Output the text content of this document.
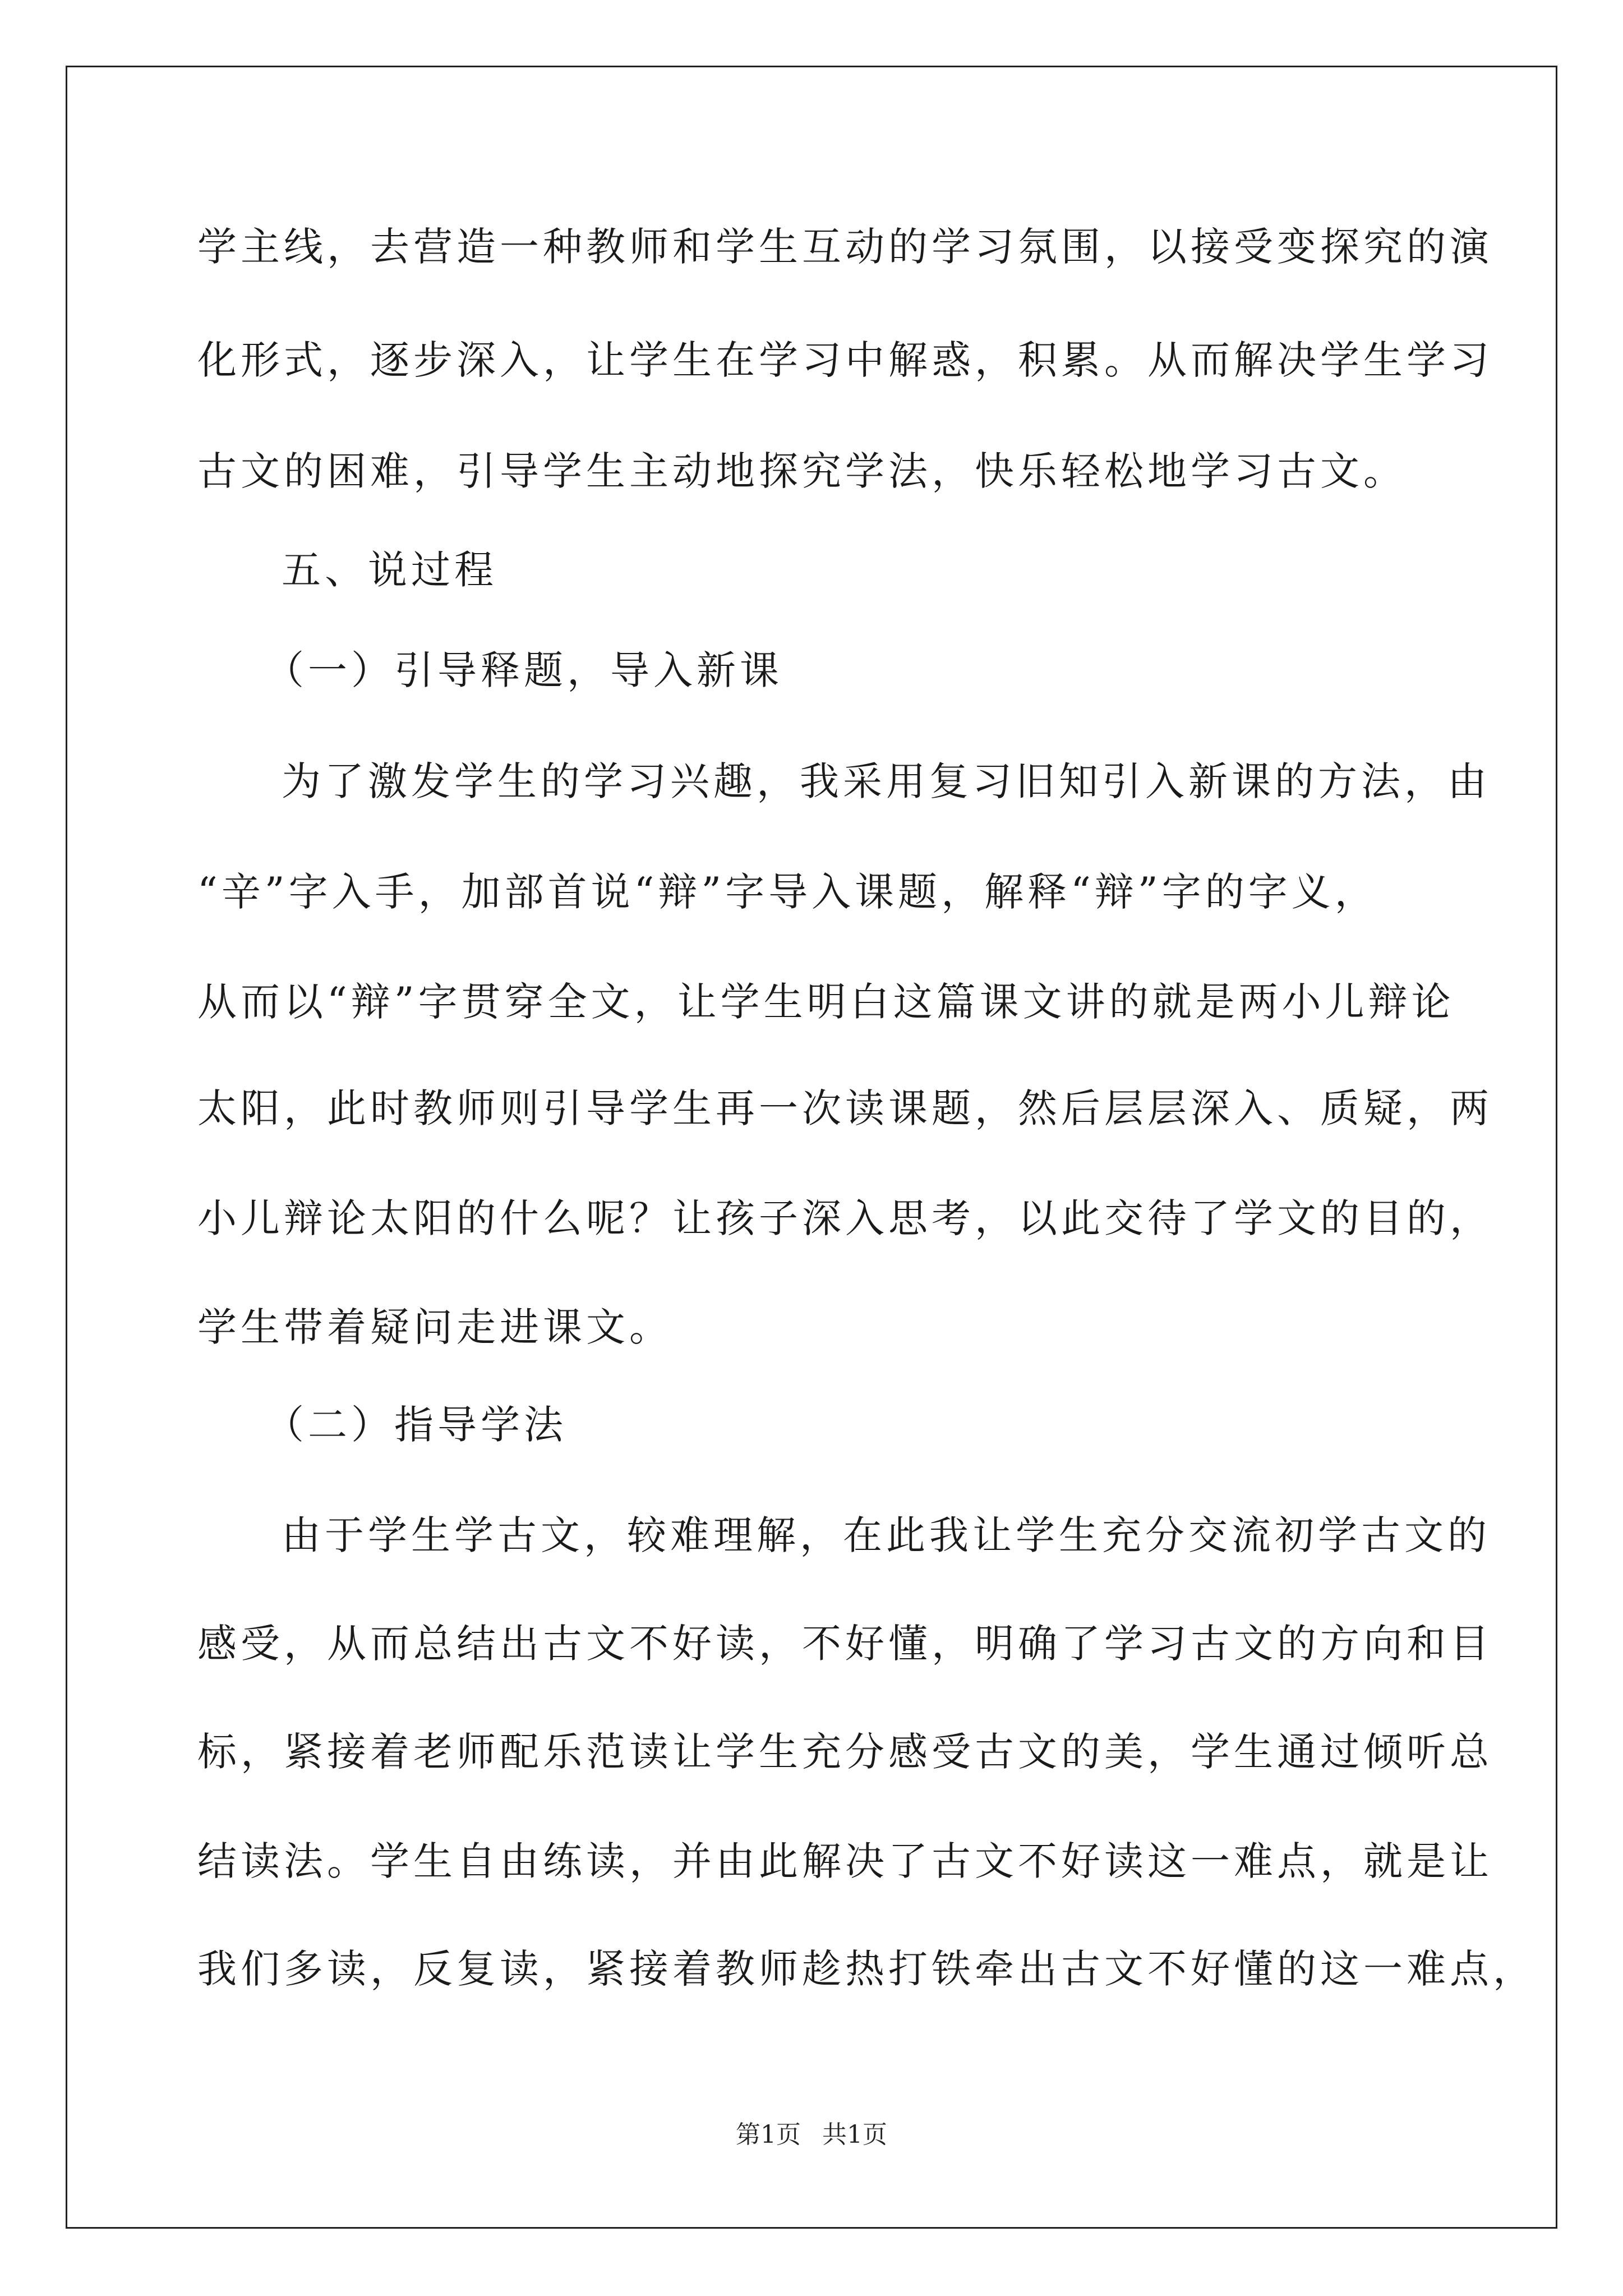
学主线，去营造一种教师和学生互动的学习氛围，以接受变探究的演
化形式，逐步深入，让学生在学习中解惑，积累。从而解决学生学习
古文的困难，引导学生主动地探究学法，快乐轻松地学习古文。
五、说过程
（一）引导释题，导入新课
为了激发学生的学习兴趣，我采用复习旧知引入新课的方法，由
“辛”字入手，加部首说“辩”字导入课题，解释“辩”字的字义，
从而以“辩”字贯穿全文，让学生明白这篇课文讲的就是两小儿辩论
太阳，此时教师则引导学生再一次读课题，然后层层深入、质疑，两
小儿辩论太阳的什么呢？让孩子深入思考，以此交待了学文的目的，
学生带着疑问走进课文。
（二）指导学法
由于学生学古文，较难理解，在此我让学生充分交流初学古文的
感受，从而总结出古文不好读，不好懂，明确了学习古文的方向和目
标，紧接着老师配乐范读让学生充分感受古文的美，学生通过倾听总
结读法。学生自由练读，并由此解决了古文不好读这一难点，就是让
我们多读，反复读，紧接着教师趁热打铁牵出古文不好懂的这一难点，
第1页 共1页
